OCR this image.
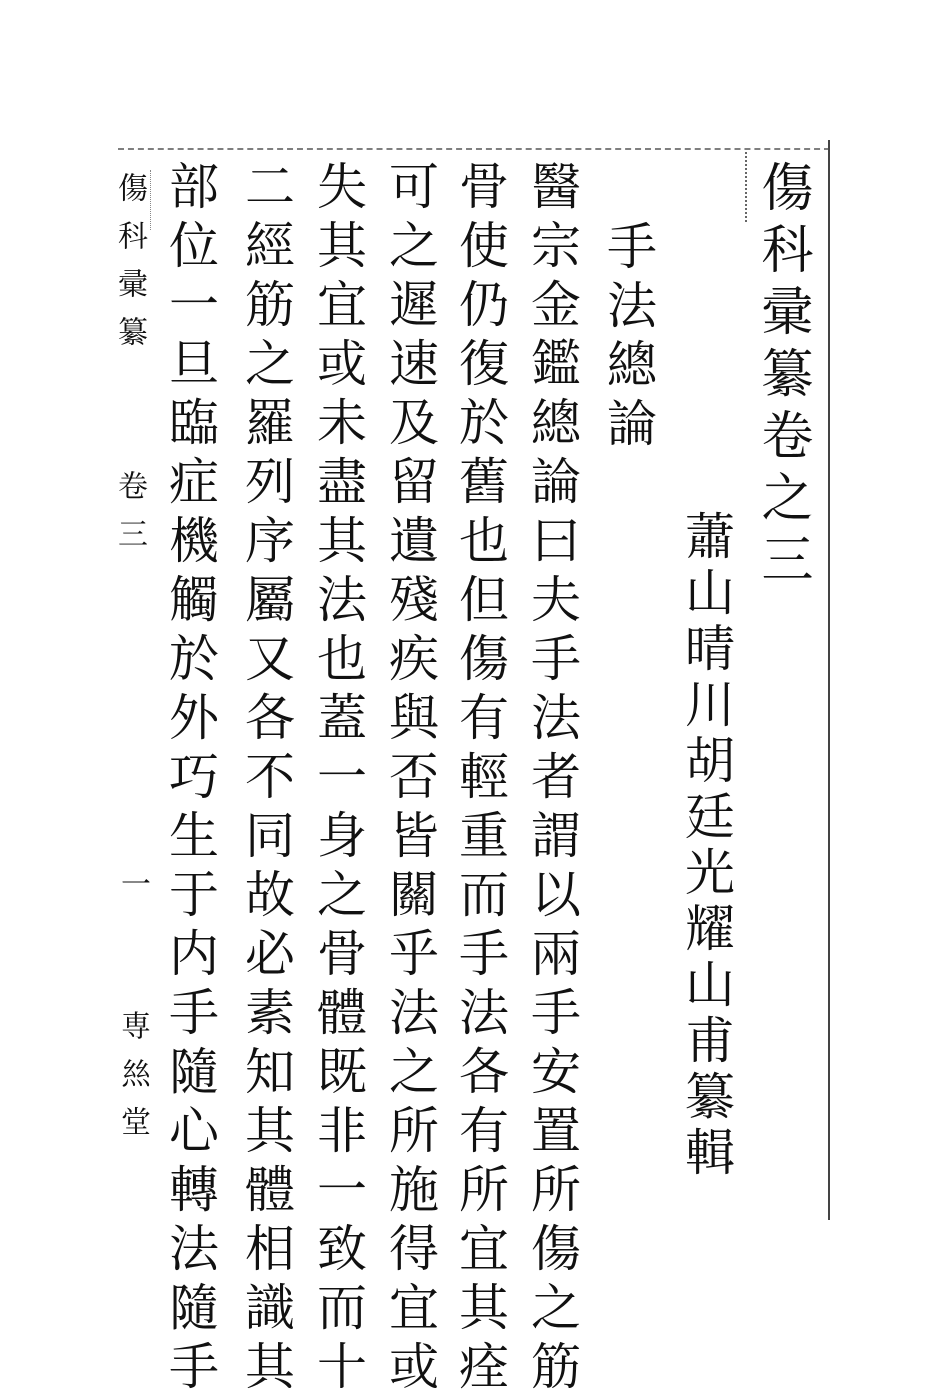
傷科彚纂卷之三
蕭山晴川胡廷光耀山甫纂輯
手法總論
醫宗金鑑總論曰夫手法者謂以兩手安置所傷之筋
骨使仍復於舊也但傷有輕重而手法各有所宜其痊
可之遲速及留遺殘疾與否皆關乎法之所施得宜或
失其宜或未盡其法也蓋一身之骨體既非一致而十
二經筋之羅列序屬又各不同故必素知其體相識其
部位一旦臨症機觸於外巧生于内手隨心轉法隨手
傷科彚纂
卷三
一
専𢇁堂
